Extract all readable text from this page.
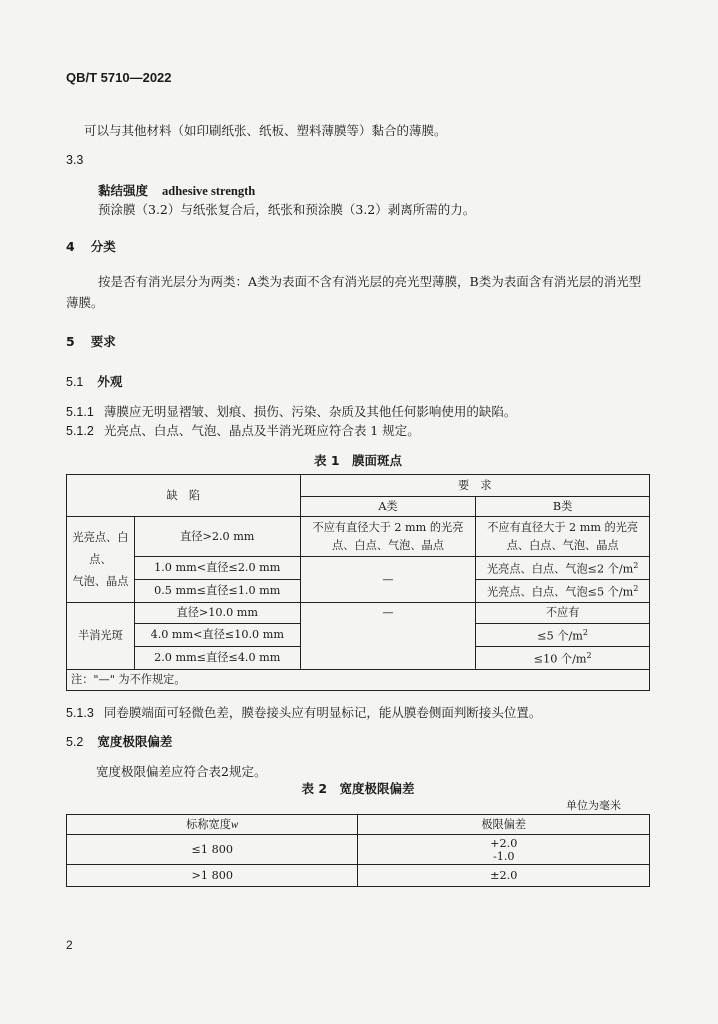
QB/T 5710—2022
可以与其他材料（如印刷纸张、纸板、塑料薄膜等）黏合的薄膜。
3.3
黏结强度 adhesive strength
预涂膜（3.2）与纸张复合后，纸张和预涂膜（3.2）剥离所需的力。
4 分类
按是否有消光层分为两类：A类为表面不含有消光层的亮光型薄膜，B类为表面含有消光层的消光型薄膜。
5 要求
5.1 外观
5.1.1 薄膜应无明显褶皱、划痕、损伤、污染、杂质及其他任何影响使用的缺陷。
5.1.2 光亮点、白点、气泡、晶点及半消光斑应符合表 1 规定。
表 1　膜面斑点
缺　陷		要　求	
		A类	B类
光亮点、白点、
气泡、晶点	直径>2.0 mm	不应有直径大于 2 mm 的光亮点、白点、气泡、晶点	不应有直径大于 2 mm 的光亮点、白点、气泡、晶点
	1.0 mm<直径≤2.0 mm	—	光亮点、白点、气泡≤2 个$/m^2$
	0.5 mm≤直径≤1.0 mm		光亮点、白点、气泡≤5 个$/m^2$
半消光斑	直径>10.0 mm	—	不应有
	4.0 mm<直径≤10.0 mm		≤5 个$/m^2$
	2.0 mm≤直径≤4.0 mm		≤10 个$/m^2$
注："—" 为不作规定。			
5.1.3 同卷膜端面可轻微色差，膜卷接头应有明显标记，能从膜卷侧面判断接头位置。
5.2 宽度极限偏差
宽度极限偏差应符合表2规定。
表 2　宽度极限偏差
单位为毫米
标称宽度w	极限偏差
≤1 800	+2.0
-1.0

>1 800	±2.0
2
